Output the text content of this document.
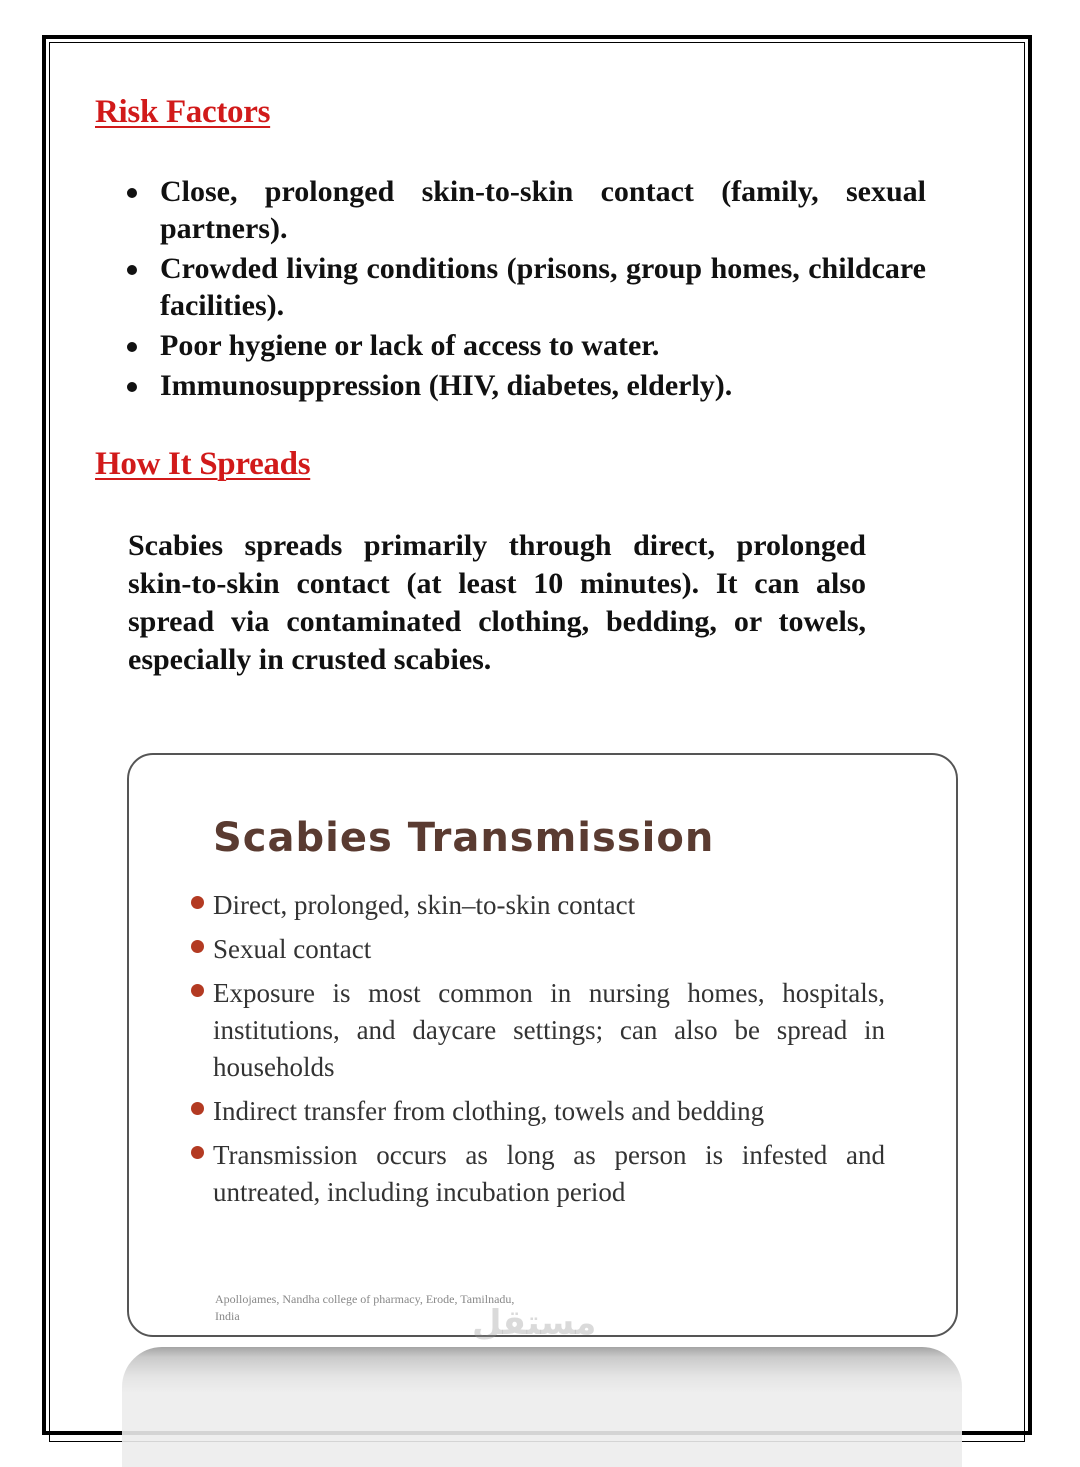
Risk Factors
Close, prolonged skin-to-skin contact (family, sexual partners).
Crowded living conditions (prisons, group homes, childcare facilities).
Poor hygiene or lack of access to water.
Immunosuppression (HIV, diabetes, elderly).
How It Spreads

Scabies spreads primarily through direct, prolonged skin-to-skin contact (at least 10 minutes). It can also spread via contaminated clothing, bedding, or towels, especially in crusted scabies.

Scabies Transmission
Direct, prolonged, skin–to-skin contact
Sexual contact
Exposure is most common in nursing homes, hospitals, institutions, and daycare settings; can also be spread in households
Indirect transfer from clothing, towels and bedding
Transmission occurs as long as person is infested and untreated, including incubation period

Apollojames, Nandha college of pharmacy, Erode, Tamilnadu, India	مستقل
